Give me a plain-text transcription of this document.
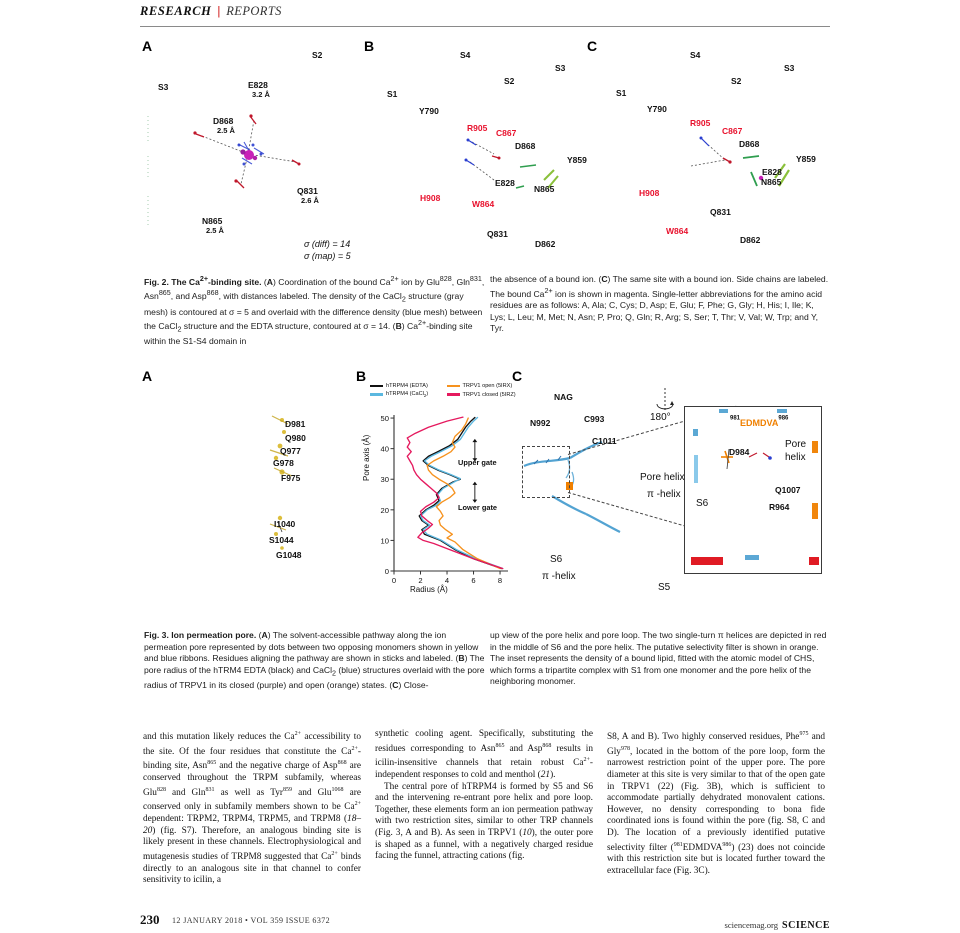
RESEARCH | REPORTS
A
S3
S2
E828
3.2 Å
D868
2.5 Å
Q831
2.6 Å
N865
2.5 Å
σ (diff) = 14
σ (map) = 5
B
S4
S2
S1
Y790
R905 C867
D868
E828
H908
W864
Q831
D862
S3
Y859
N865
C
S4
S3
S2
S1
Y790
R905
C867
D868
Y859
E828
N865
H908
Q831
W864
D862
Fig. 2. The $Ca^{2+}$-binding site. (A) Coordination of the bound $Ca^{2+}$ ion by Glu$^{828}$, Gln$^{831}$, Asn$^{865}$, and Asp$^{868}$, with distances labeled. The density of the CaCl$_2$ structure (gray mesh) is contoured at σ = 5 and overlaid with the difference density (blue mesh) between the CaCl$_2$ structure and the EDTA structure, contoured at σ = 14. (B) $Ca^{2+}$-binding site within the S1-S4 domain in
the absence of a bound ion. (C) The same site with a bound ion. Side chains are labeled. The bound $Ca^{2+}$ ion is shown in magenta. Single-letter abbreviations for the amino acid residues are as follows: A, Ala; C, Cys; D, Asp; E, Glu; F, Phe; G, Gly; H, His; I, Ile; K, Lys; L, Leu; M, Met; N, Asn; P, Pro; Q, Gln; R, Arg; S, Ser; T, Thr; V, Val; W, Trp; and Y, Tyr.
A
D981
Q980
Q977
G978
F975
I1040
S1044
G1048
B
hTRPM4 (EDTA)	TRPV1 open (5IRX)
hTRPM4 (CaCl$_2$)	TRPV1 closed (5IRZ)
0
10
20
30
40
50
0	2	4	6	8
Pore axis (Å)
Radius (Å)
Upper gate
Lower gate
C
NAG
N992	C993
C1011
180°
Pore helix
π -helix
S6
π -helix
S5
$^{981}$EDMDVA$^{986}$
D984
Pore
helix
Q1007
R964
S6
Fig. 3. Ion permeation pore. (A) The solvent-accessible pathway along the ion permeation pore represented by dots between two opposing monomers shown in yellow and blue ribbons. Residues aligning the pathway are shown in sticks and labeled. (B) The pore radius of the hTRM4 EDTA (black) and CaCl$_2$ (blue) structures overlaid with the pore radius of TRPV1 in its closed (purple) and open (orange) states. (C) Close-
up view of the pore helix and pore loop. The two single-turn π helices are depicted in red in the middle of S6 and the pore helix. The putative selectivity filter is shown in orange. The inset represents the density of a bound lipid, fitted with the atomic model of CHS, which forms a tripartite complex with S1 from one monomer and the pore helix of the neighboring monomer.
and this mutation likely reduces the $Ca^{2+}$ accessibility to the site. Of the four residues that constitute the $Ca^{2+}$-binding site, Asn$^{865}$ and the negative charge of Asp$^{868}$ are conserved throughout the TRPM subfamily, whereas Glu$^{828}$ and Gln$^{831}$ as well as Tyr$^{859}$ and Glu$^{1068}$ are conserved only in subfamily members shown to be $Ca^{2+}$ dependent: TRPM2, TRPM4, TRPM5, and TRPM8 (18–20) (fig. S7). Therefore, an analogous binding site is likely present in these channels. Electrophysiological and mutagenesis studies of TRPM8 suggested that $Ca^{2+}$ binds directly to an analogous site in that channel to confer sensitivity to icilin, a
synthetic cooling agent. Specifically, substituting the residues corresponding to Asn$^{865}$ and Asp$^{868}$ results in icilin-insensitive channels that retain robust $Ca^{2+}$-independent responses to cold and menthol (21).
The central pore of hTRPM4 is formed by S5 and S6 and the intervening re-entrant pore helix and pore loop. Together, these elements form an ion permeation pathway with two restriction sites, similar to other TRP channels (Fig. 3, A and B). As seen in TRPV1 (10), the outer pore is shaped as a funnel, with a negatively charged residue facing the funnel, attracting cations (fig.
S8, A and B). Two highly conserved residues, Phe$^{975}$ and Gly$^{978}$, located in the bottom of the pore loop, form the narrowest restriction point of the upper pore. The pore diameter at this site is very similar to that of the open gate in TRPV1 (22) (Fig. 3B), which is sufficient to accommodate partially dehydrated monovalent cations. However, no density corresponding to bona fide coordinated ions is found within the pore (fig. S8, C and D). The location of a previously identified putative selectivity filter ($^{981}$EDMDVA$^{986}$) (23) does not coincide with this restriction site but is located further toward the extracellular face (Fig. 3C).
230 12 JANUARY 2018 • VOL 359 ISSUE 6372	sciencemag.org SCIENCE
